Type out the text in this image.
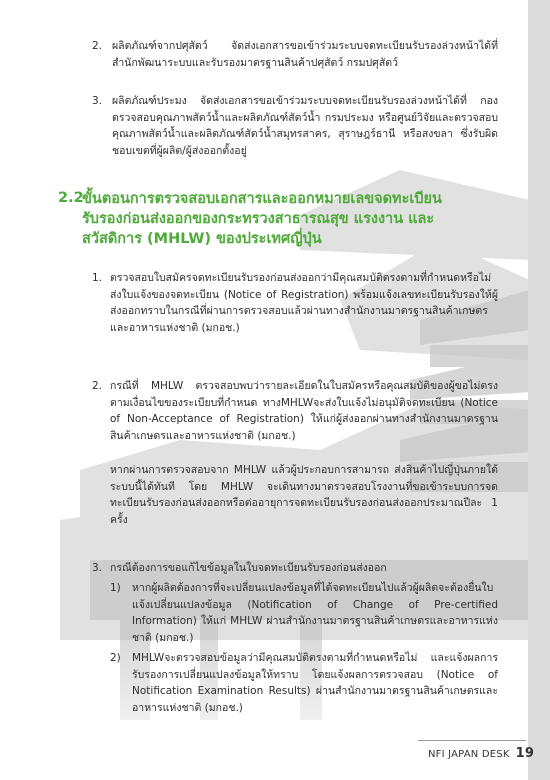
2. ผลิตภัณฑ์จากปศุสัตว์ จัดส่งเอกสารขอเข้าร่วมระบบจดทะเบียนรับรองล่วงหน้าได้ที่ สำนักพัฒนาระบบและรับรองมาตรฐานสินค้าปศุสัตว์ กรมปศุสัตว์

3. ผลิตภัณฑ์ประมง จัดส่งเอกสารขอเข้าร่วมระบบจดทะเบียนรับรองล่วงหน้าได้ที่ กองตรวจสอบคุณภาพสัตว์น้ำและผลิตภัณฑ์สัตว์น้ำ กรมประมง หรือศูนย์วิจัยและตรวจสอบคุณภาพสัตว์น้ำและผลิตภัณฑ์สัตว์น้ำสมุทรสาคร, สุราษฎร์ธานี หรือสงขลา ซึ่งรับผิดชอบเขตที่ผู้ผลิต/ผู้ส่งออกตั้งอยู่

2.2

ขั้นตอนการตรวจสอบเอกสารและออกหมายเลขจดทะเบียนรับรองก่อนส่งออกของกระทรวงสาธารณสุข แรงงาน และสวัสดิการ (MHLW) ของประเทศญี่ปุ่น

1. ตรวจสอบใบสมัครจดทะเบียนรับรองก่อนส่งออกว่ามีคุณสมบัติตรงตามที่กำหนดหรือไม่ ส่งใบแจ้งของจดทะเบียน (Notice of Registration) พร้อมแจ้งเลขทะเบียนรับรองให้ผู้ส่งออกทราบในกรณีที่ผ่านการตรวจสอบแล้วผ่านทางสำนักงานมาตรฐานสินค้าเกษตรและอาหารแห่งชาติ (มกอช.)

2. กรณีที่ MHLW ตรวจสอบพบว่ารายละเอียดในใบสมัครหรือคุณสมบัติของผู้ขอไม่ตรงตามเงื่อนไขของระเบียบที่กำหนด ทางMHLWจะส่งใบแจ้งไม่อนุมัติจดทะเบียน (Notice of Non-Acceptance of Registration) ให้แก่ผู้ส่งออกผ่านทางสำนักงานมาตรฐานสินค้าเกษตรและอาหารแห่งชาติ (มกอช.)

หากผ่านการตรวจสอบจาก MHLW แล้วผู้ประกอบการสามารถ ส่งสินค้าไปญี่ปุ่นภายใต้ระบบนี้ได้ทันที โดย MHLW จะเดินทางมาตรวจสอบโรงงานที่ขอเข้าระบบการจดทะเบียนรับรองก่อนส่งออกหรือต่ออายุการจดทะเบียนรับรองก่อนส่งออกประมาณปีละ 1 ครั้ง

3. กรณีต้องการขอแก้ไขข้อมูลในใบจดทะเบียนรับรองก่อนส่งออก

1) หากผู้ผลิตต้องการที่จะเปลี่ยนแปลงข้อมูลที่ได้จดทะเบียนไปแล้วผู้ผลิตจะต้องยื่นใบแจ้งเปลี่ยนแปลงข้อมูล (Notification of Change of Pre-certified Information) ให้แก่ MHLW ผ่านสำนักงานมาตรฐานสินค้าเกษตรและอาหารแห่งชาติ (มกอช.)

2) MHLWจะตรวจสอบข้อมูลว่ามีคุณสมบัติตรงตามที่กำหนดหรือไม่ และแจ้งผลการรับรองการเปลี่ยนแปลงข้อมูลให้ทราบ โดยแจ้งผลการตรวจสอบ (Notice of Notification Examination Results) ผ่านสำนักงานมาตรฐานสินค้าเกษตรและอาหารแห่งชาติ (มกอช.)

NFI JAPAN DESK 19
